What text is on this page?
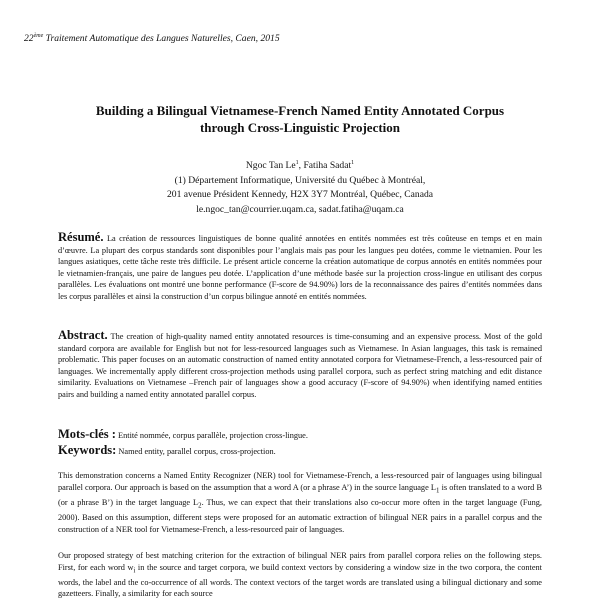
22ème Traitement Automatique des Langues Naturelles, Caen, 2015
Building a Bilingual Vietnamese-French Named Entity Annotated Corpus
through Cross-Linguistic Projection
Ngoc Tan Le$^1$, Fatiha Sadat$^1$
(1) Département Informatique, Université du Québec à Montréal,
201 avenue Président Kennedy, H2X 3Y7 Montréal, Québec, Canada
le.ngoc_tan@courrier.uqam.ca, sadat.fatiha@uqam.ca
Résumé. La création de ressources linguistiques de bonne qualité annotées en entités nommées est très coûteuse en temps et en main d’œuvre. La plupart des corpus standards sont disponibles pour l’anglais mais pas pour les langues peu dotées, comme le vietnamien. Pour les langues asiatiques, cette tâche reste très difficile. Le présent article concerne la création automatique de corpus annotés en entités nommées pour le vietnamien-français, une paire de langues peu dotée. L’application d’une méthode basée sur la projection cross-lingue en utilisant des corpus parallèles. Les évaluations ont montré une bonne performance (F-score de 94.90%) lors de la reconnaissance des paires d’entités nommées dans les corpus parallèles et ainsi la construction d’un corpus bilingue annoté en entités nommées.
Abstract. The creation of high-quality named entity annotated resources is time-consuming and an expensive process. Most of the gold standard corpora are available for English but not for less-resourced languages such as Vietnamese. In Asian languages, this task is remained problematic. This paper focuses on an automatic construction of named entity annotated corpora for Vietnamese-French, a less-resourced pair of languages. We incrementally apply different cross-projection methods using parallel corpora, such as perfect string matching and edit distance similarity. Evaluations on Vietnamese –French pair of languages show a good accuracy (F-score of 94.90%) when identifying named entities pairs and building a named entity annotated parallel corpus.
Mots-clés : Entité nommée, corpus parallèle, projection cross-lingue.
Keywords: Named entity, parallel corpus, cross-projection.
This demonstration concerns a Named Entity Recognizer (NER) tool for Vietnamese-French, a less-resourced pair of languages using bilingual parallel corpora. Our approach is based on the assumption that a word A (or a phrase A’) in the source language $L_1$ is often translated to a word B (or a phrase B’) in the target language $L_2$. Thus, we can expect that their translations also co-occur more often in the target language (Fung, 2000). Based on this assumption, different steps were proposed for an automatic extraction of bilingual NER pairs in a parallel corpus and the construction of a NER tool for Vietnamese-French, a less-resourced pair of languages.
Our proposed strategy of best matching criterion for the extraction of bilingual NER pairs from parallel corpora relies on the following steps. First, for each word $w_i$ in the source and target corpora, we build context vectors by considering a window size in the two corpora, the content words, the label and the co-occurrence of all words. The context vectors of the target words are translated using a bilingual dictionary and some gazetteers. Finally, a similarity for each source
